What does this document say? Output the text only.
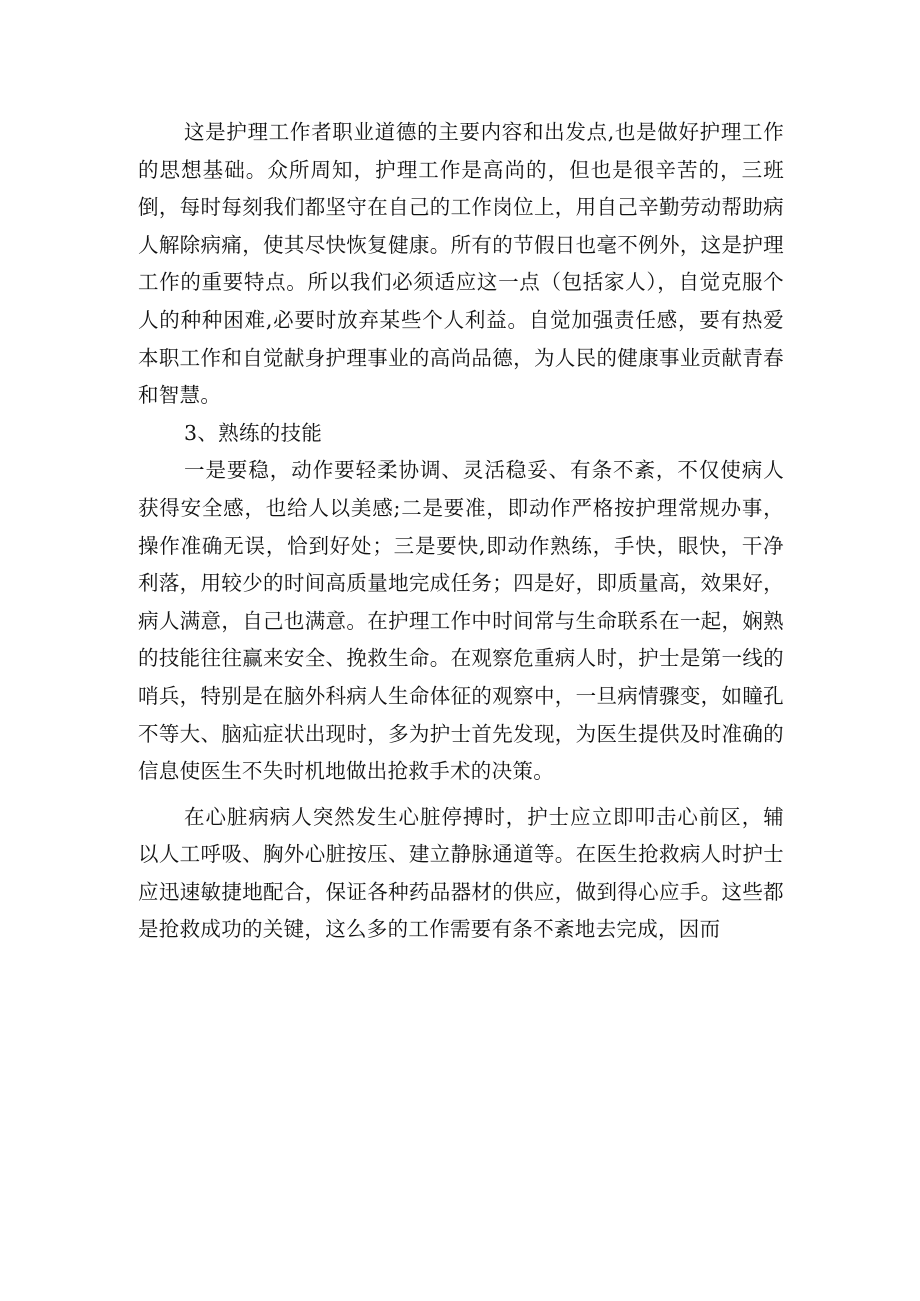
这是护理工作者职业道德的主要内容和出发点,也是做好护理工作的思想基础。众所周知，护理工作是高尚的，但也是很辛苦的，三班倒，每时每刻我们都坚守在自己的工作岗位上，用自己辛勤劳动帮助病人解除病痛，使其尽快恢复健康。所有的节假日也毫不例外，这是护理工作的重要特点。所以我们必须适应这一点（包括家人），自觉克服个人的种种困难,必要时放弃某些个人利益。自觉加强责任感，要有热爱本职工作和自觉献身护理事业的高尚品德，为人民的健康事业贡献青春和智慧。

3、熟练的技能

一是要稳，动作要轻柔协调、灵活稳妥、有条不紊，不仅使病人获得安全感，也给人以美感;二是要准，即动作严格按护理常规办事，操作准确无误，恰到好处；三是要快,即动作熟练，手快，眼快，干净利落，用较少的时间高质量地完成任务；四是好，即质量高，效果好，病人满意，自己也满意。在护理工作中时间常与生命联系在一起，娴熟的技能往往赢来安全、挽救生命。在观察危重病人时，护士是第一线的哨兵，特别是在脑外科病人生命体征的观察中，一旦病情骤变，如瞳孔不等大、脑疝症状出现时，多为护士首先发现，为医生提供及时准确的信息使医生不失时机地做出抢救手术的决策。

在心脏病病人突然发生心脏停搏时，护士应立即叩击心前区，辅以人工呼吸、胸外心脏按压、建立静脉通道等。在医生抢救病人时护士应迅速敏捷地配合，保证各种药品器材的供应，做到得心应手。这些都是抢救成功的关键，这么多的工作需要有条不紊地去完成，因而
